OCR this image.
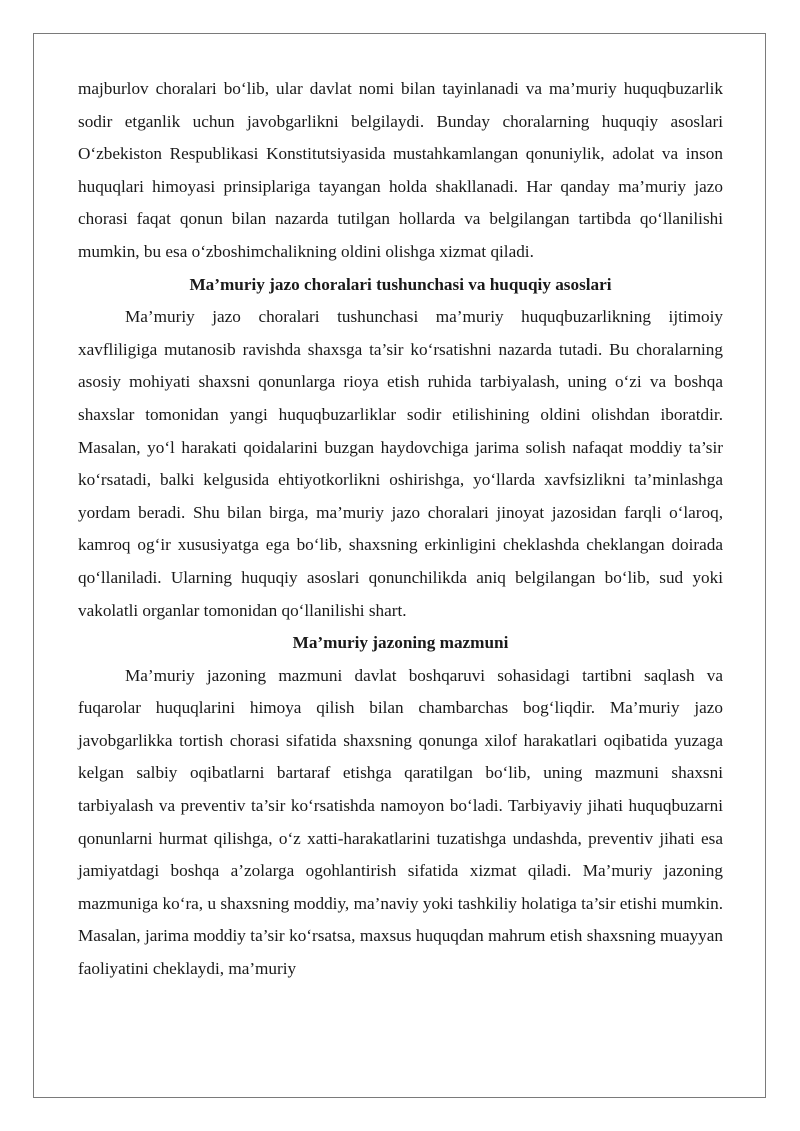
majburlov choralari bo‘lib, ular davlat nomi bilan tayinlanadi va ma’muriy huquqbuzarlik sodir etganlik uchun javobgarlikni belgilaydi. Bunday choralarning huquqiy asoslari O‘zbekiston Respublikasi Konstitutsiyasida mustahkamlangan qonuniylik, adolat va inson huquqlari himoyasi prinsiplariga tayangan holda shakllanadi. Har qanday ma’muriy jazo chorasi faqat qonun bilan nazarda tutilgan hollarda va belgilangan tartibda qo‘llanilishi mumkin, bu esa o‘zboshimchalikning oldini olishga xizmat qiladi.

Ma’muriy jazo choralari tushunchasi va huquqiy asoslari

Ma’muriy jazo choralari tushunchasi ma’muriy huquqbuzarlikning ijtimoiy xavfliligiga mutanosib ravishda shaxsga ta’sir ko‘rsatishni nazarda tutadi. Bu choralarning asosiy mohiyati shaxsni qonunlarga rioya etish ruhida tarbiyalash, uning o‘zi va boshqa shaxslar tomonidan yangi huquqbuzarliklar sodir etilishining oldini olishdan iboratdir. Masalan, yo‘l harakati qoidalarini buzgan haydovchiga jarima solish nafaqat moddiy ta’sir ko‘rsatadi, balki kelgusida ehtiyotkorlikni oshirishga, yo‘llarda xavfsizlikni ta’minlashga yordam beradi. Shu bilan birga, ma’muriy jazo choralari jinoyat jazosidan farqli o‘laroq, kamroq og‘ir xususiyatga ega bo‘lib, shaxsning erkinligini cheklashda cheklangan doirada qo‘llaniladi. Ularning huquqiy asoslari qonunchilikda aniq belgilangan bo‘lib, sud yoki vakolatli organlar tomonidan qo‘llanilishi shart.

Ma’muriy jazoning mazmuni

Ma’muriy jazoning mazmuni davlat boshqaruvi sohasidagi tartibni saqlash va fuqarolar huquqlarini himoya qilish bilan chambarchas bog‘liqdir. Ma’muriy jazo javobgarlikka tortish chorasi sifatida shaxsning qonunga xilof harakatlari oqibatida yuzaga kelgan salbiy oqibatlarni bartaraf etishga qaratilgan bo‘lib, uning mazmuni shaxsni tarbiyalash va preventiv ta’sir ko‘rsatishda namoyon bo‘ladi. Tarbiyaviy jihati huquqbuzarni qonunlarni hurmat qilishga, o‘z xatti-harakatlarini tuzatishga undashda, preventiv jihati esa jamiyatdagi boshqa a’zolarga ogohlantirish sifatida xizmat qiladi. Ma’muriy jazoning mazmuniga ko‘ra, u shaxsning moddiy, ma’naviy yoki tashkiliy holatiga ta’sir etishi mumkin. Masalan, jarima moddiy ta’sir ko‘rsatsa, maxsus huquqdan mahrum etish shaxsning muayyan faoliyatini cheklaydi, ma’muriy
